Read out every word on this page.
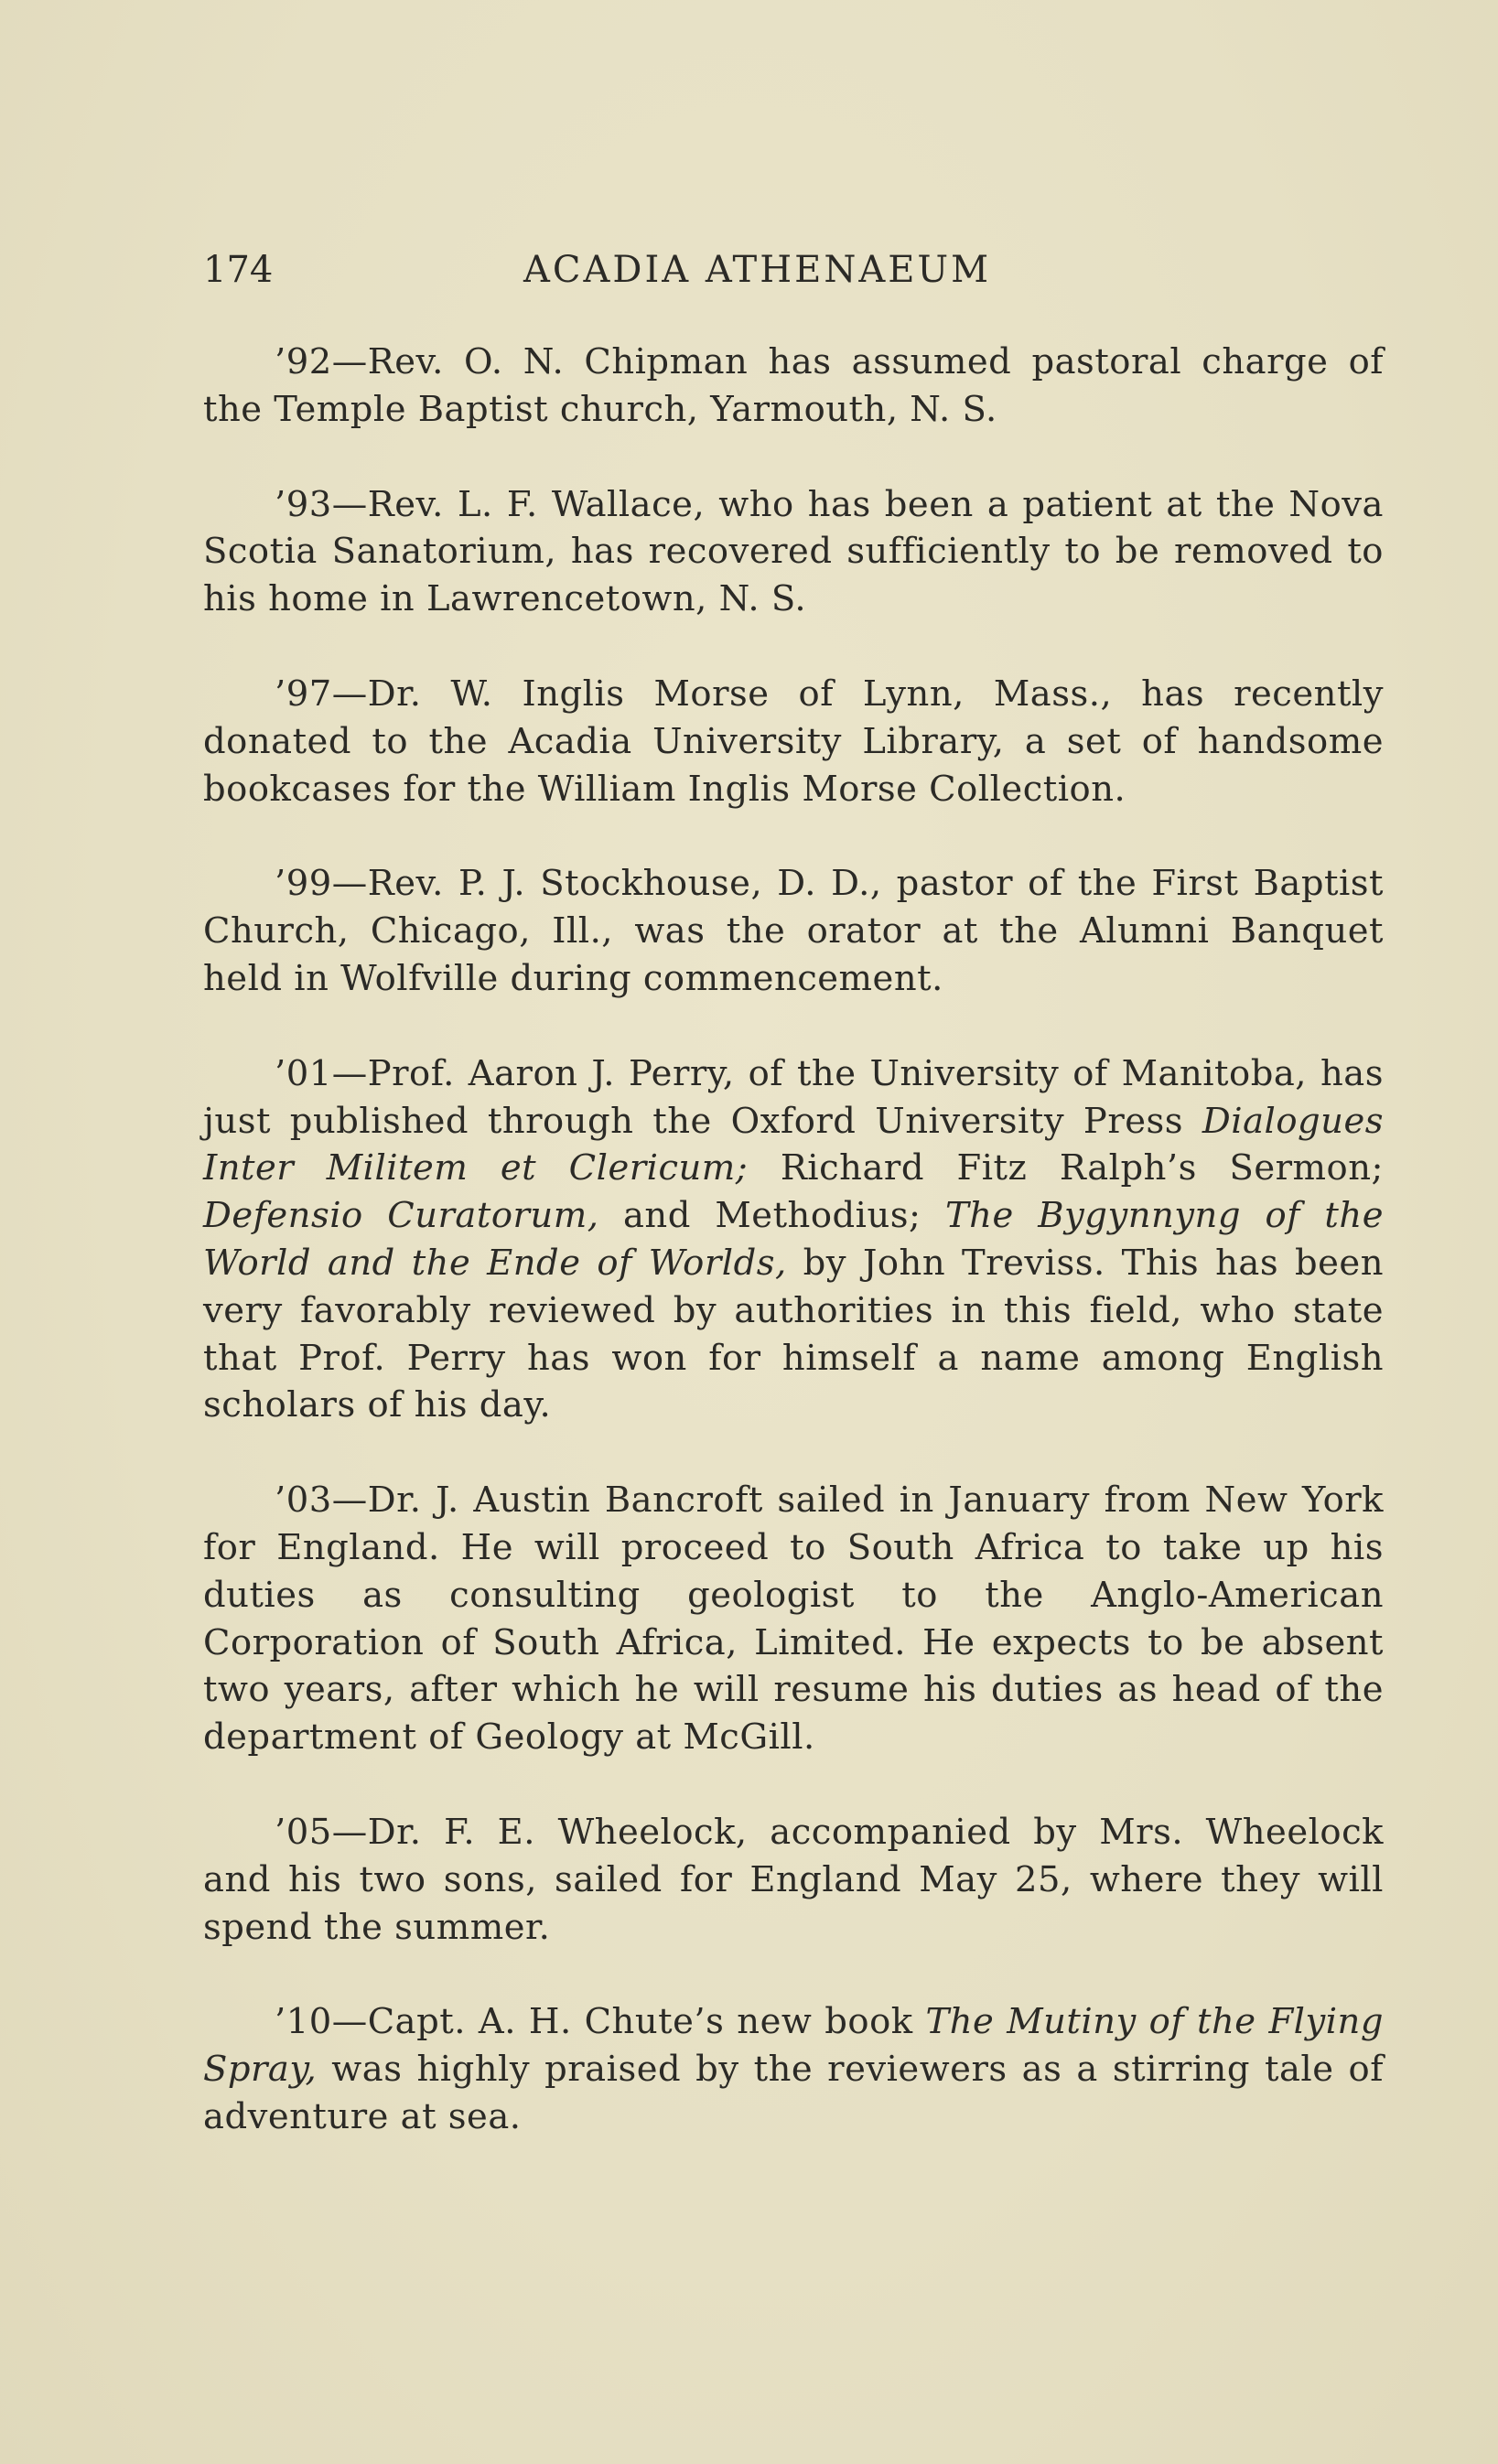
174	ACADIA ATHENAEUM

’92—Rev. O. N. Chipman has assumed pastoral charge of the Temple Baptist church, Yarmouth, N. S.

’93—Rev. L. F. Wallace, who has been a patient at the Nova Scotia Sanatorium, has recovered sufficiently to be removed to his home in Lawrencetown, N. S.

’97—Dr. W. Inglis Morse of Lynn, Mass., has recently donated to the Acadia University Library, a set of handsome bookcases for the William Inglis Morse Collection.

’99—Rev. P. J. Stockhouse, D. D., pastor of the First Baptist Church, Chicago, Ill., was the orator at the Alumni Banquet held in Wolfville during commencement.

’01—Prof. Aaron J. Perry, of the University of Manitoba, has just published through the Oxford University Press Dialogues Inter Militem et Clericum; Richard Fitz Ralph’s Sermon; Defensio Curatorum, and Methodius; The Bygynnyng of the World and the Ende of Worlds, by John Treviss. This has been very favorably reviewed by authorities in this field, who state that Prof. Perry has won for himself a name among English scholars of his day.

’03—Dr. J. Austin Bancroft sailed in January from New York for England. He will proceed to South Africa to take up his duties as consulting geologist to the Anglo-American Corporation of South Africa, Limited. He expects to be absent two years, after which he will resume his duties as head of the department of Geology at McGill.

’05—Dr. F. E. Wheelock, accompanied by Mrs. Wheelock and his two sons, sailed for England May 25, where they will spend the summer.

’10—Capt. A. H. Chute’s new book The Mutiny of the Flying Spray, was highly praised by the reviewers as a stirring tale of adventure at sea.
